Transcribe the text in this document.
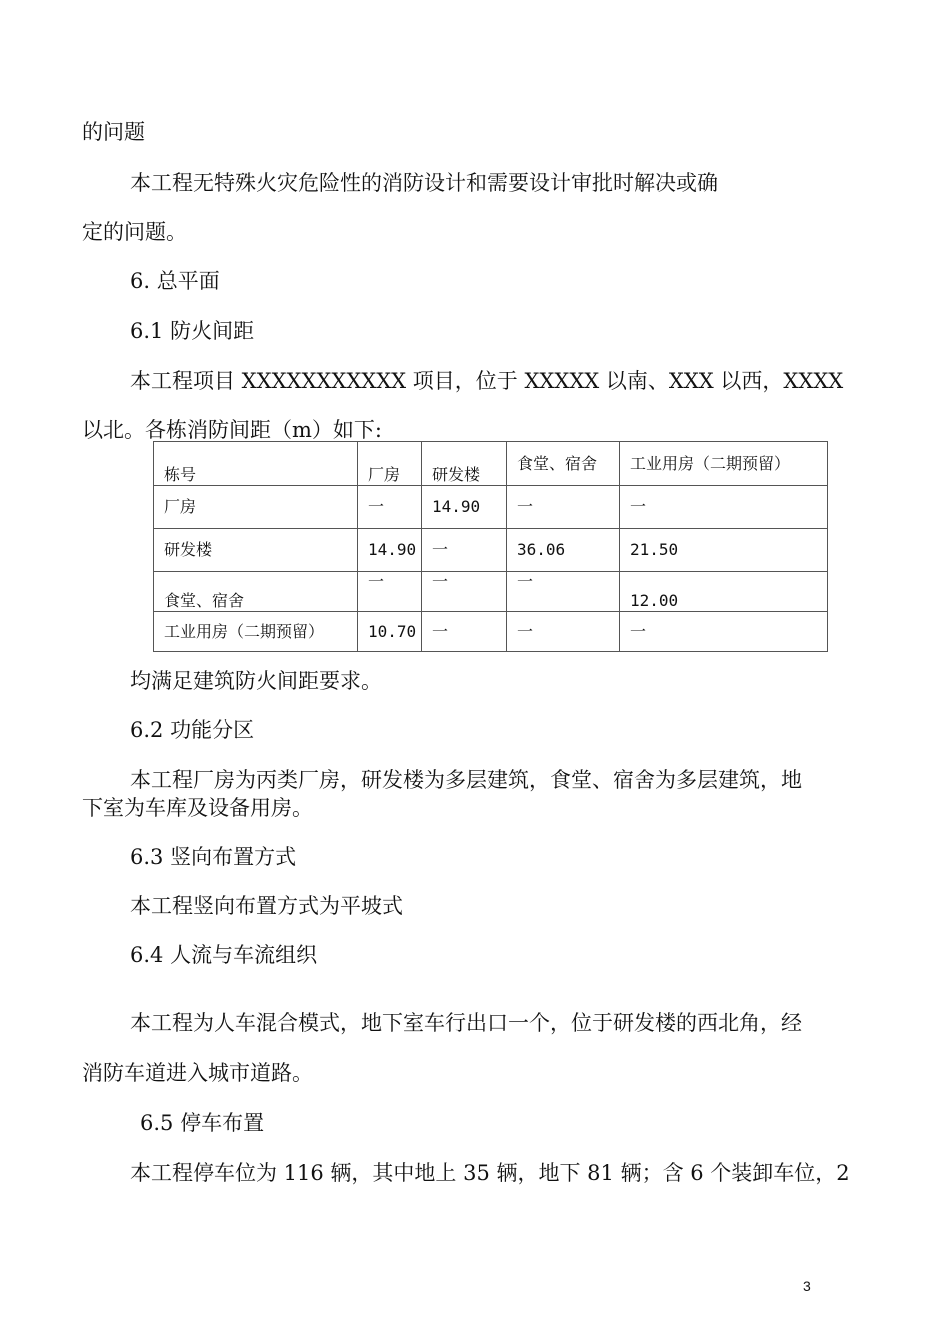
的问题
本工程无特殊火灾危险性的消防设计和需要设计审批时解决或确
定的问题。
6. 总平面
6.1 防火间距
本工程项目 XXXXXXXXXXX 项目，位于 XXXXX 以南、XXX 以西，XXXX
以北。各栋消防间距（m）如下:
栋号	厂房	研发楼	食堂、宿舍	工业用房（二期预留）
厂房	一	14.90	一	一
研发楼	14.90	一	36.06	21.50
食堂、宿舍	一	一	一	12.00
工业用房（二期预留）	10.70	一	一	一
均满足建筑防火间距要求。
6.2 功能分区
本工程厂房为丙类厂房，研发楼为多层建筑，食堂、宿舍为多层建筑，地
下室为车库及设备用房。
6.3 竖向布置方式
本工程竖向布置方式为平坡式
6.4 人流与车流组织
本工程为人车混合模式，地下室车行出口一个，位于研发楼的西北角，经
消防车道进入城市道路。
6.5 停车布置
本工程停车位为 116 辆，其中地上 35 辆，地下 81 辆；含 6 个装卸车位，2
3
